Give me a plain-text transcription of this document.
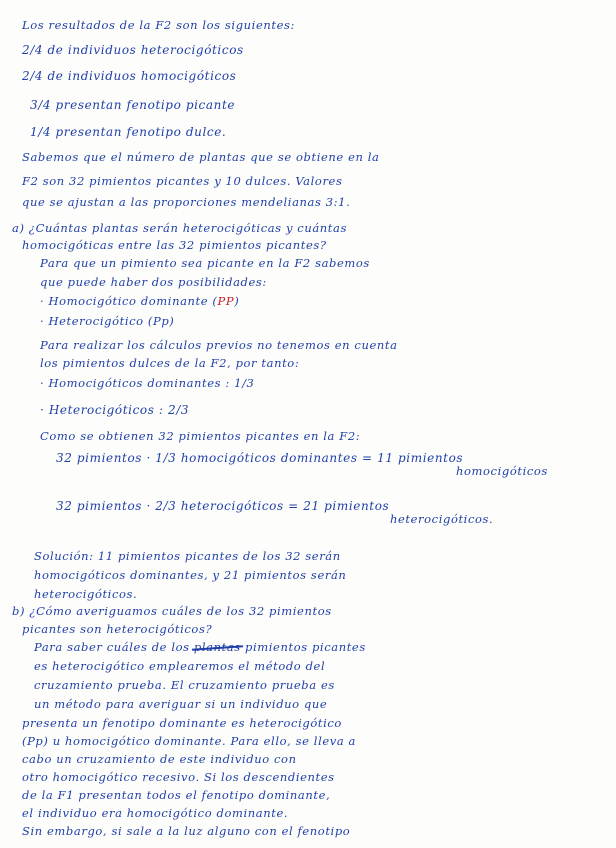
Los resultados de la F2 son los siguientes:
2/4 de individuos heterocigóticos
2/4 de individuos homocigóticos
3/4 presentan fenotipo picante
1/4 presentan fenotipo dulce.
Sabemos que el número de plantas que se obtiene en la
F2 son 32 pimientos picantes y 10 dulces. Valores
que se ajustan a las proporciones mendelianas 3:1.
a) ¿Cuántas plantas serán heterocigóticas y cuántas
homocigóticas entre las 32 pimientos picantes?
Para que un pimiento sea picante en la F2 sabemos
que puede haber dos posibilidades:
· Homocigótico dominante (PP)
· Heterocigótico (Pp)
Para realizar los cálculos previos no tenemos en cuenta
los pimientos dulces de la F2, por tanto:
· Homocigóticos dominantes : 1/3
· Heterocigóticos : 2/3
Como se obtienen 32 pimientos picantes en la F2:
32 pimientos · 1/3 homocigóticos dominantes = 11 pimientos
homocigóticos
32 pimientos · 2/3 heterocigóticos = 21 pimientos
heterocigóticos.
Solución: 11 pimientos picantes de los 32 serán
homocigóticos dominantes, y 21 pimientos serán
heterocigóticos.
b) ¿Cómo averiguamos cuáles de los 32 pimientos
picantes son heterocigóticos?
Para saber cuáles de los plantas pimientos picantes
es heterocigótico emplearemos el método del
cruzamiento prueba. El cruzamiento prueba es
un método para averiguar si un individuo que
presenta un fenotipo dominante es heterocigótico
(Pp) u homocigótico dominante. Para ello, se lleva a
cabo un cruzamiento de este individuo con
otro homocigótico recesivo. Si los descendientes
de la F1 presentan todos el fenotipo dominante,
el individuo era homocigótico dominante.
Sin embargo, si sale a la luz alguno con el fenotipo
